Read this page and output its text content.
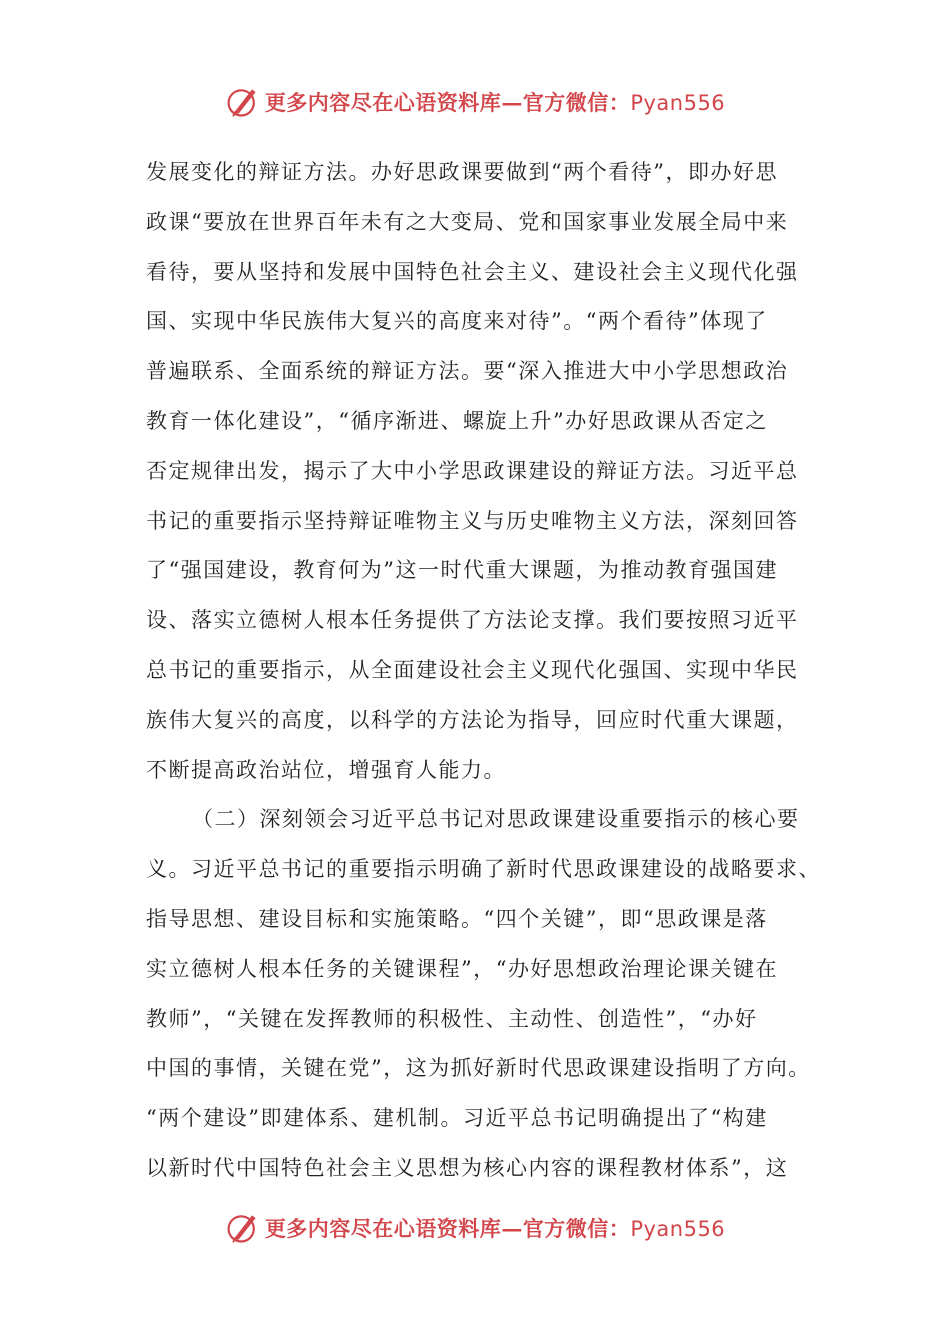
更多内容尽在心语资料库—官方微信：Pyan556
发展变化的辩证方法。办好思政课要做到“两个看待”，即办好思
政课“要放在世界百年未有之大变局、党和国家事业发展全局中来
看待，要从坚持和发展中国特色社会主义、建设社会主义现代化强
国、实现中华民族伟大复兴的高度来对待”。“两个看待”体现了
普遍联系、全面系统的辩证方法。要“深入推进大中小学思想政治
教育一体化建设”，“循序渐进、螺旋上升”办好思政课从否定之
否定规律出发，揭示了大中小学思政课建设的辩证方法。习近平总
书记的重要指示坚持辩证唯物主义与历史唯物主义方法，深刻回答
了“强国建设，教育何为”这一时代重大课题，为推动教育强国建
设、落实立德树人根本任务提供了方法论支撑。我们要按照习近平
总书记的重要指示，从全面建设社会主义现代化强国、实现中华民
族伟大复兴的高度，以科学的方法论为指导，回应时代重大课题，
不断提高政治站位，增强育人能力。
（二）深刻领会习近平总书记对思政课建设重要指示的核心要
义。习近平总书记的重要指示明确了新时代思政课建设的战略要求、
指导思想、建设目标和实施策略。“四个关键”，即“思政课是落
实立德树人根本任务的关键课程”，“办好思想政治理论课关键在
教师”，“关键在发挥教师的积极性、主动性、创造性”，“办好
中国的事情，关键在党”，这为抓好新时代思政课建设指明了方向。
“两个建设”即建体系、建机制。习近平总书记明确提出了“构建
以新时代中国特色社会主义思想为核心内容的课程教材体系”，这
更多内容尽在心语资料库—官方微信：Pyan556
